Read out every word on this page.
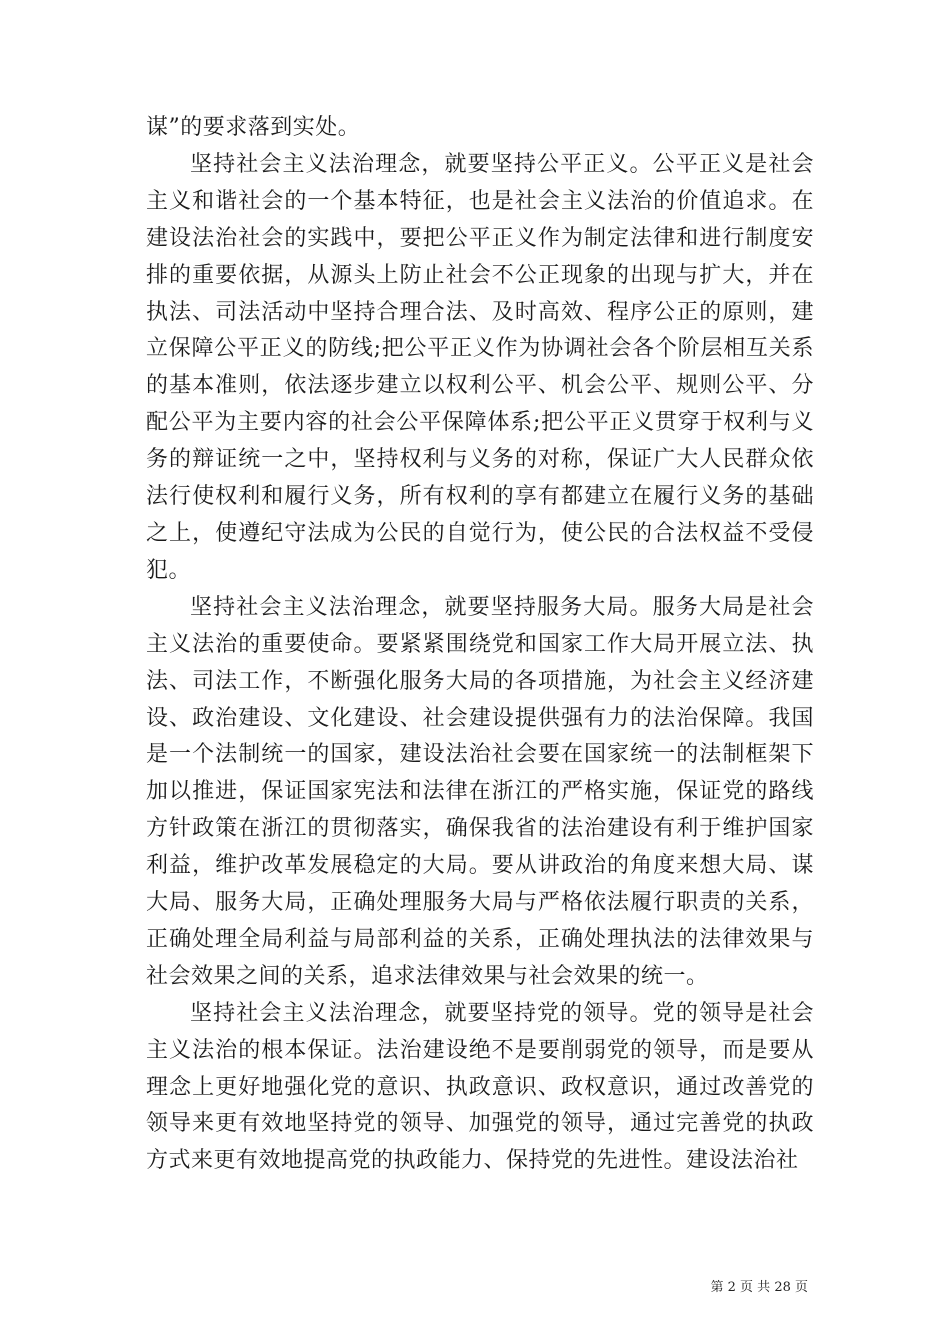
谋”的要求落到实处。

坚持社会主义法治理念，就要坚持公平正义。公平正义是社会主义和谐社会的一个基本特征，也是社会主义法治的价值追求。在建设法治社会的实践中，要把公平正义作为制定法律和进行制度安排的重要依据，从源头上防止社会不公正现象的出现与扩大，并在执法、司法活动中坚持合理合法、及时高效、程序公正的原则，建立保障公平正义的防线;把公平正义作为协调社会各个阶层相互关系的基本准则，依法逐步建立以权利公平、机会公平、规则公平、分配公平为主要内容的社会公平保障体系;把公平正义贯穿于权利与义务的辩证统一之中，坚持权利与义务的对称，保证广大人民群众依法行使权利和履行义务，所有权利的享有都建立在履行义务的基础之上，使遵纪守法成为公民的自觉行为，使公民的合法权益不受侵犯。

坚持社会主义法治理念，就要坚持服务大局。服务大局是社会主义法治的重要使命。要紧紧围绕党和国家工作大局开展立法、执法、司法工作，不断强化服务大局的各项措施，为社会主义经济建设、政治建设、文化建设、社会建设提供强有力的法治保障。我国是一个法制统一的国家，建设法治社会要在国家统一的法制框架下加以推进，保证国家宪法和法律在浙江的严格实施，保证党的路线方针政策在浙江的贯彻落实，确保我省的法治建设有利于维护国家利益，维护改革发展稳定的大局。要从讲政治的角度来想大局、谋大局、服务大局，正确处理服务大局与严格依法履行职责的关系，正确处理全局利益与局部利益的关系，正确处理执法的法律效果与社会效果之间的关系，追求法律效果与社会效果的统一。

坚持社会主义法治理念，就要坚持党的领导。党的领导是社会主义法治的根本保证。法治建设绝不是要削弱党的领导，而是要从理念上更好地强化党的意识、执政意识、政权意识，通过改善党的领导来更有效地坚持党的领导、加强党的领导，通过完善党的执政方式来更有效地提高党的执政能力、保持党的先进性。建设法治社

第 2 页 共 28 页
